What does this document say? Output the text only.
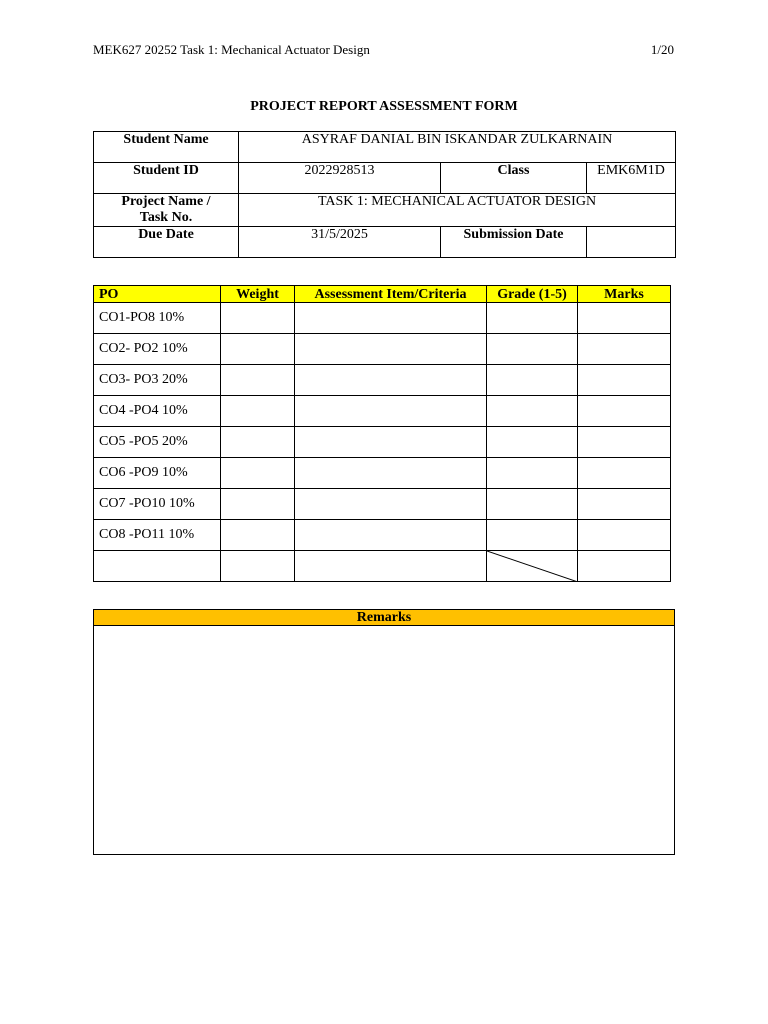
MEK627 20252 Task 1: Mechanical Actuator Design	1/20
PROJECT REPORT ASSESSMENT FORM
Student Name	ASYRAF DANIAL BIN ISKANDAR ZULKARNAIN		
Student ID	2022928513	Class	EMK6M1D

Project Name /
Task No.	TASK 1: MECHANICAL ACTUATOR DESIGN		
Due Date	31/5/2025	Submission Date	
PO	Weight	Assessment Item/Criteria	Grade (1-5)	Marks
CO1-PO8 10%				
CO2- PO2 10%				
CO3- PO3 20%				
CO4 -PO4 10%				
CO5 -PO5 20%				
CO6 -PO9 10%				
CO7 -PO10 10%				
CO8 -PO11 10%				

Remarks
